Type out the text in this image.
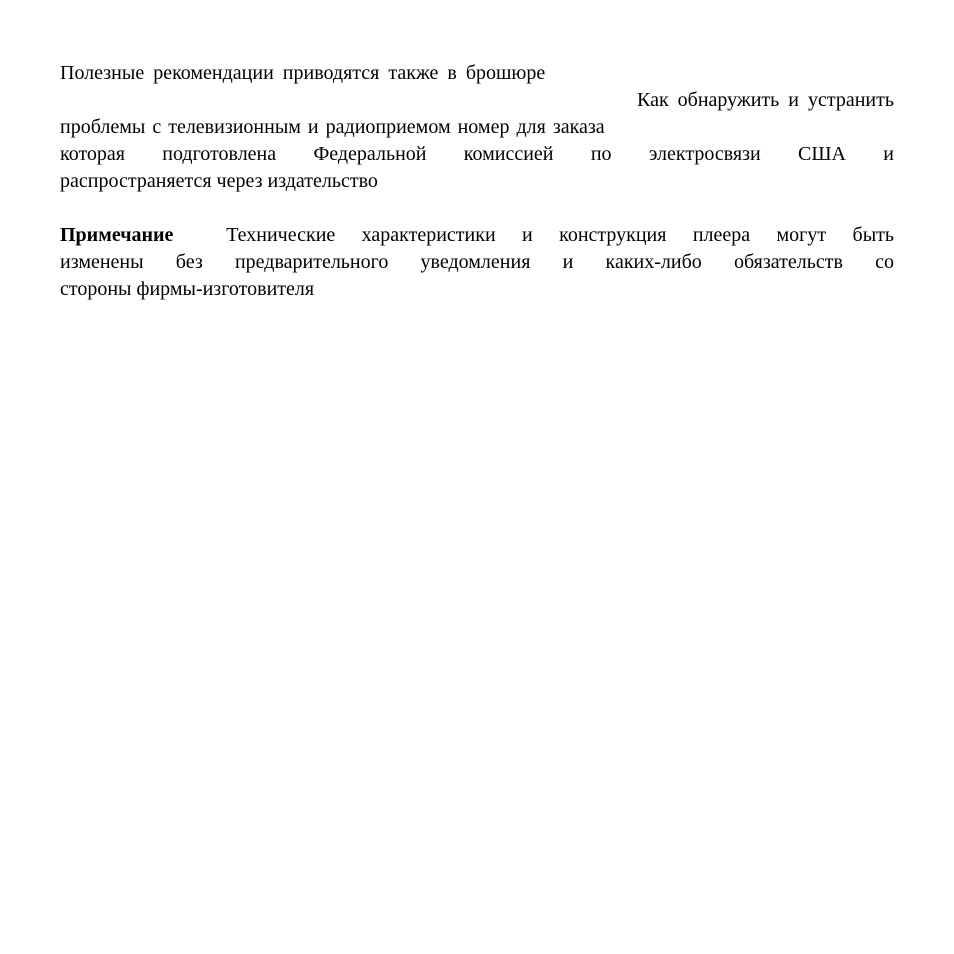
Полезные рекомендации приводятся также в брошюре
Как обнаружить и устранить
проблемы с телевизионным и радиоприемом номер для заказа
которая подготовлена Федеральной комиссией по электросвязи США и
распространяется через издательство
Примечание	Технические характеристики и конструкция плеера могут быть
изменены без предварительного уведомления и каких-либо обязательств со
стороны фирмы-изготовителя
